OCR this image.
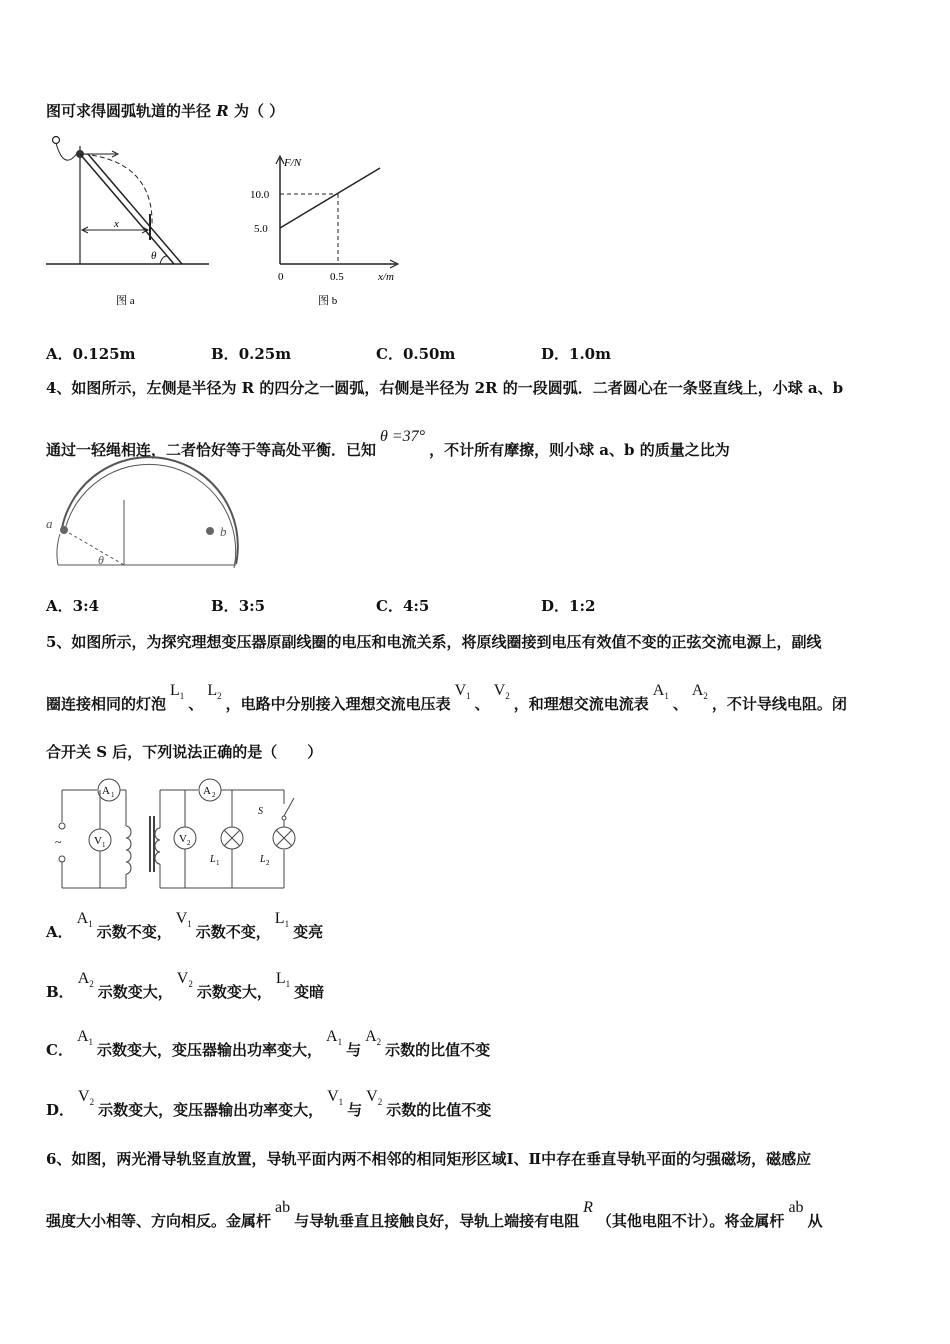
图可求得圆弧轨道的半径 R 为（ ）
x
θ
图 a
F/N
x/m
10.0
5.0
0	0.5
图 b
A．0.125m	B．0.25m	C．0.50m	D．1.0m
4、如图所示，左侧是半径为 R 的四分之一圆弧，右侧是半径为 2R 的一段圆弧．二者圆心在一条竖直线上，小球 a、b
通过一轻绳相连，二者恰好等于等高处平衡．已知θ =37°，不计所有摩擦，则小球 a、b 的质量之比为
a
b
θ
A．3:4	B．3:5	C．4:5	D．1:2
5、如图所示，为探究理想变压器原副线圈的电压和电流关系，将原线圈接到电压有效值不变的正弦交流电源上，副线
圈连接相同的灯泡$L_1$ 、$L_2$ ，电路中分别接入理想交流电压表$V_1$ 、$V_2$ ，和理想交流电流表$A_1$ 、$A_2$ ，不计导线电阻。闭
合开关 S 后，下列说法正确的是（　　）
A 1	A 2
V 1	V 2
L 1	L 2
S
~
A．$A_1$ 示数不变，$V_1$ 示数不变，$L_1$ 变亮
B．$A_2$ 示数变大，$V_2$ 示数变大，$L_1$ 变暗
C．$A_1$ 示数变大，变压器输出功率变大，$A_1$ 与$A_2$ 示数的比值不变
D．$V_2$ 示数变大，变压器输出功率变大，$V_1$ 与$V_2$ 示数的比值不变
6、如图，两光滑导轨竖直放置，导轨平面内两不相邻的相同矩形区域Ⅰ、Ⅱ中存在垂直导轨平面的匀强磁场，磁感应
强度大小相等、方向相反。金属杆ab与导轨垂直且接触良好，导轨上端接有电阻R（其他电阻不计）。将金属杆ab从
